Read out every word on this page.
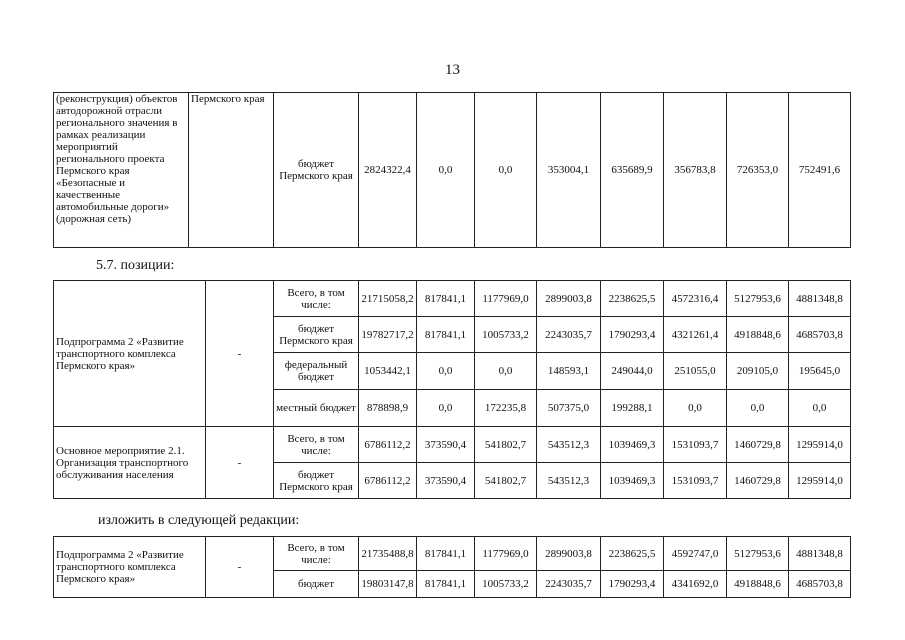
13
(реконструкция) объектов автодорожной отрасли регионального значения в рамках реализации мероприятий регионального проекта Пермского края «Безопасные и качественные автомобильные дороги» (дорожная сеть)	Пермского края	бюджет Пермского края	2824322,4	0,0	0,0	353004,1	635689,9	356783,8	726353,0	752491,6
5.7. позиции:
Подпрограмма 2 «Развитие транспортного комплекса Пермского края»	-	Всего, в том числе:	21715058,2	817841,1	1177969,0	2899003,8	2238625,5	4572316,4	5127953,6	4881348,8
		бюджет Пермского края	19782717,2	817841,1	1005733,2	2243035,7	1790293,4	4321261,4	4918848,6	4685703,8
		федеральный бюджет	1053442,1	0,0	0,0	148593,1	249044,0	251055,0	209105,0	195645,0
		местный бюджет	878898,9	0,0	172235,8	507375,0	199288,1	0,0	0,0	0,0
Основное мероприятие 2.1. Организация транспортного обслуживания населения	-	Всего, в том числе:	6786112,2	373590,4	541802,7	543512,3	1039469,3	1531093,7	1460729,8	1295914,0
		бюджет Пермского края	6786112,2	373590,4	541802,7	543512,3	1039469,3	1531093,7	1460729,8	1295914,0
изложить в следующей редакции:
Подпрограмма 2 «Развитие транспортного комплекса Пермского края»	-	Всего, в том числе:	21735488,8	817841,1	1177969,0	2899003,8	2238625,5	4592747,0	5127953,6	4881348,8
		бюджет	19803147,8	817841,1	1005733,2	2243035,7	1790293,4	4341692,0	4918848,6	4685703,8
